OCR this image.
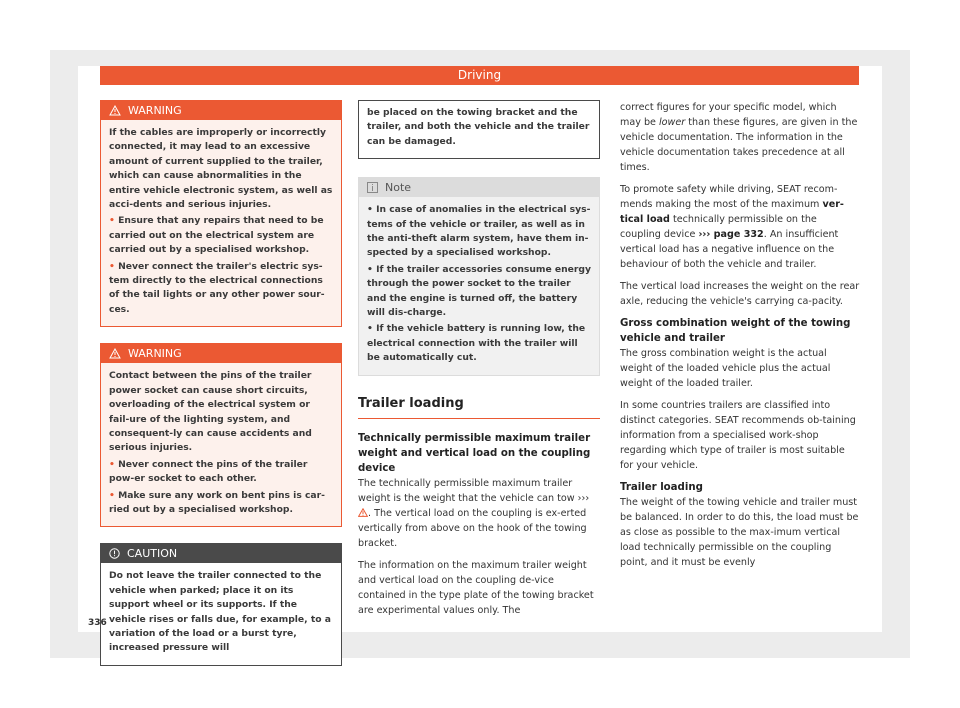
Driving
WARNING

If the cables are improperly or incorrectly connected, it may lead to an excessive amount of current supplied to the trailer, which can cause abnormalities in the entire vehicle electronic system, as well as acci-dents and serious injuries.

• Ensure that any repairs that need to be carried out on the electrical system are carried out by a specialised workshop.

• Never connect the trailer's electric sys-tem directly to the electrical connections of the tail lights or any other power sour-ces.

WARNING

Contact between the pins of the trailer power socket can cause short circuits, overloading of the electrical system or fail-ure of the lighting system, and consequent-ly can cause accidents and serious injuries.

• Never connect the pins of the trailer pow-er socket to each other.

• Make sure any work on bent pins is car-ried out by a specialised workshop.

CAUTION

Do not leave the trailer connected to the vehicle when parked; place it on its support wheel or its supports. If the vehicle rises or falls due, for example, to a variation of the load or a burst tyre, increased pressure will

be placed on the towing bracket and the trailer, and both the vehicle and the trailer can be damaged.

Note

• In case of anomalies in the electrical sys-tems of the vehicle or trailer, as well as in the anti-theft alarm system, have them in-spected by a specialised workshop.

• If the trailer accessories consume energy through the power socket to the trailer and the engine is turned off, the battery will dis-charge.

• If the vehicle battery is running low, the electrical connection with the trailer will be automatically cut.

Trailer loading
Technically permissible maximum trailer weight and vertical load on the coupling device

The technically permissible maximum trailer weight is the weight that the vehicle can tow ››› . The vertical load on the coupling is ex-erted vertically from above on the hook of the towing bracket.

The information on the maximum trailer weight and vertical load on the coupling de-vice contained in the type plate of the towing bracket are experimental values only. The

correct figures for your specific model, which may be lower than these figures, are given in the vehicle documentation. The information in the vehicle documentation takes precedence at all times.

To promote safety while driving, SEAT recom-mends making the most of the maximum ver-tical load technically permissible on the coupling device ››› page 332. An insufficient vertical load has a negative influence on the behaviour of both the vehicle and trailer.

The vertical load increases the weight on the rear axle, reducing the vehicle's carrying ca-pacity.

Gross combination weight of the towing vehicle and trailer

The gross combination weight is the actual weight of the loaded vehicle plus the actual weight of the loaded trailer.

In some countries trailers are classified into distinct categories. SEAT recommends ob-taining information from a specialised work-shop regarding which type of trailer is most suitable for your vehicle.

Trailer loading

The weight of the towing vehicle and trailer must be balanced. In order to do this, the load must be as close as possible to the max-imum vertical load technically permissible on the coupling point, and it must be evenly

336
